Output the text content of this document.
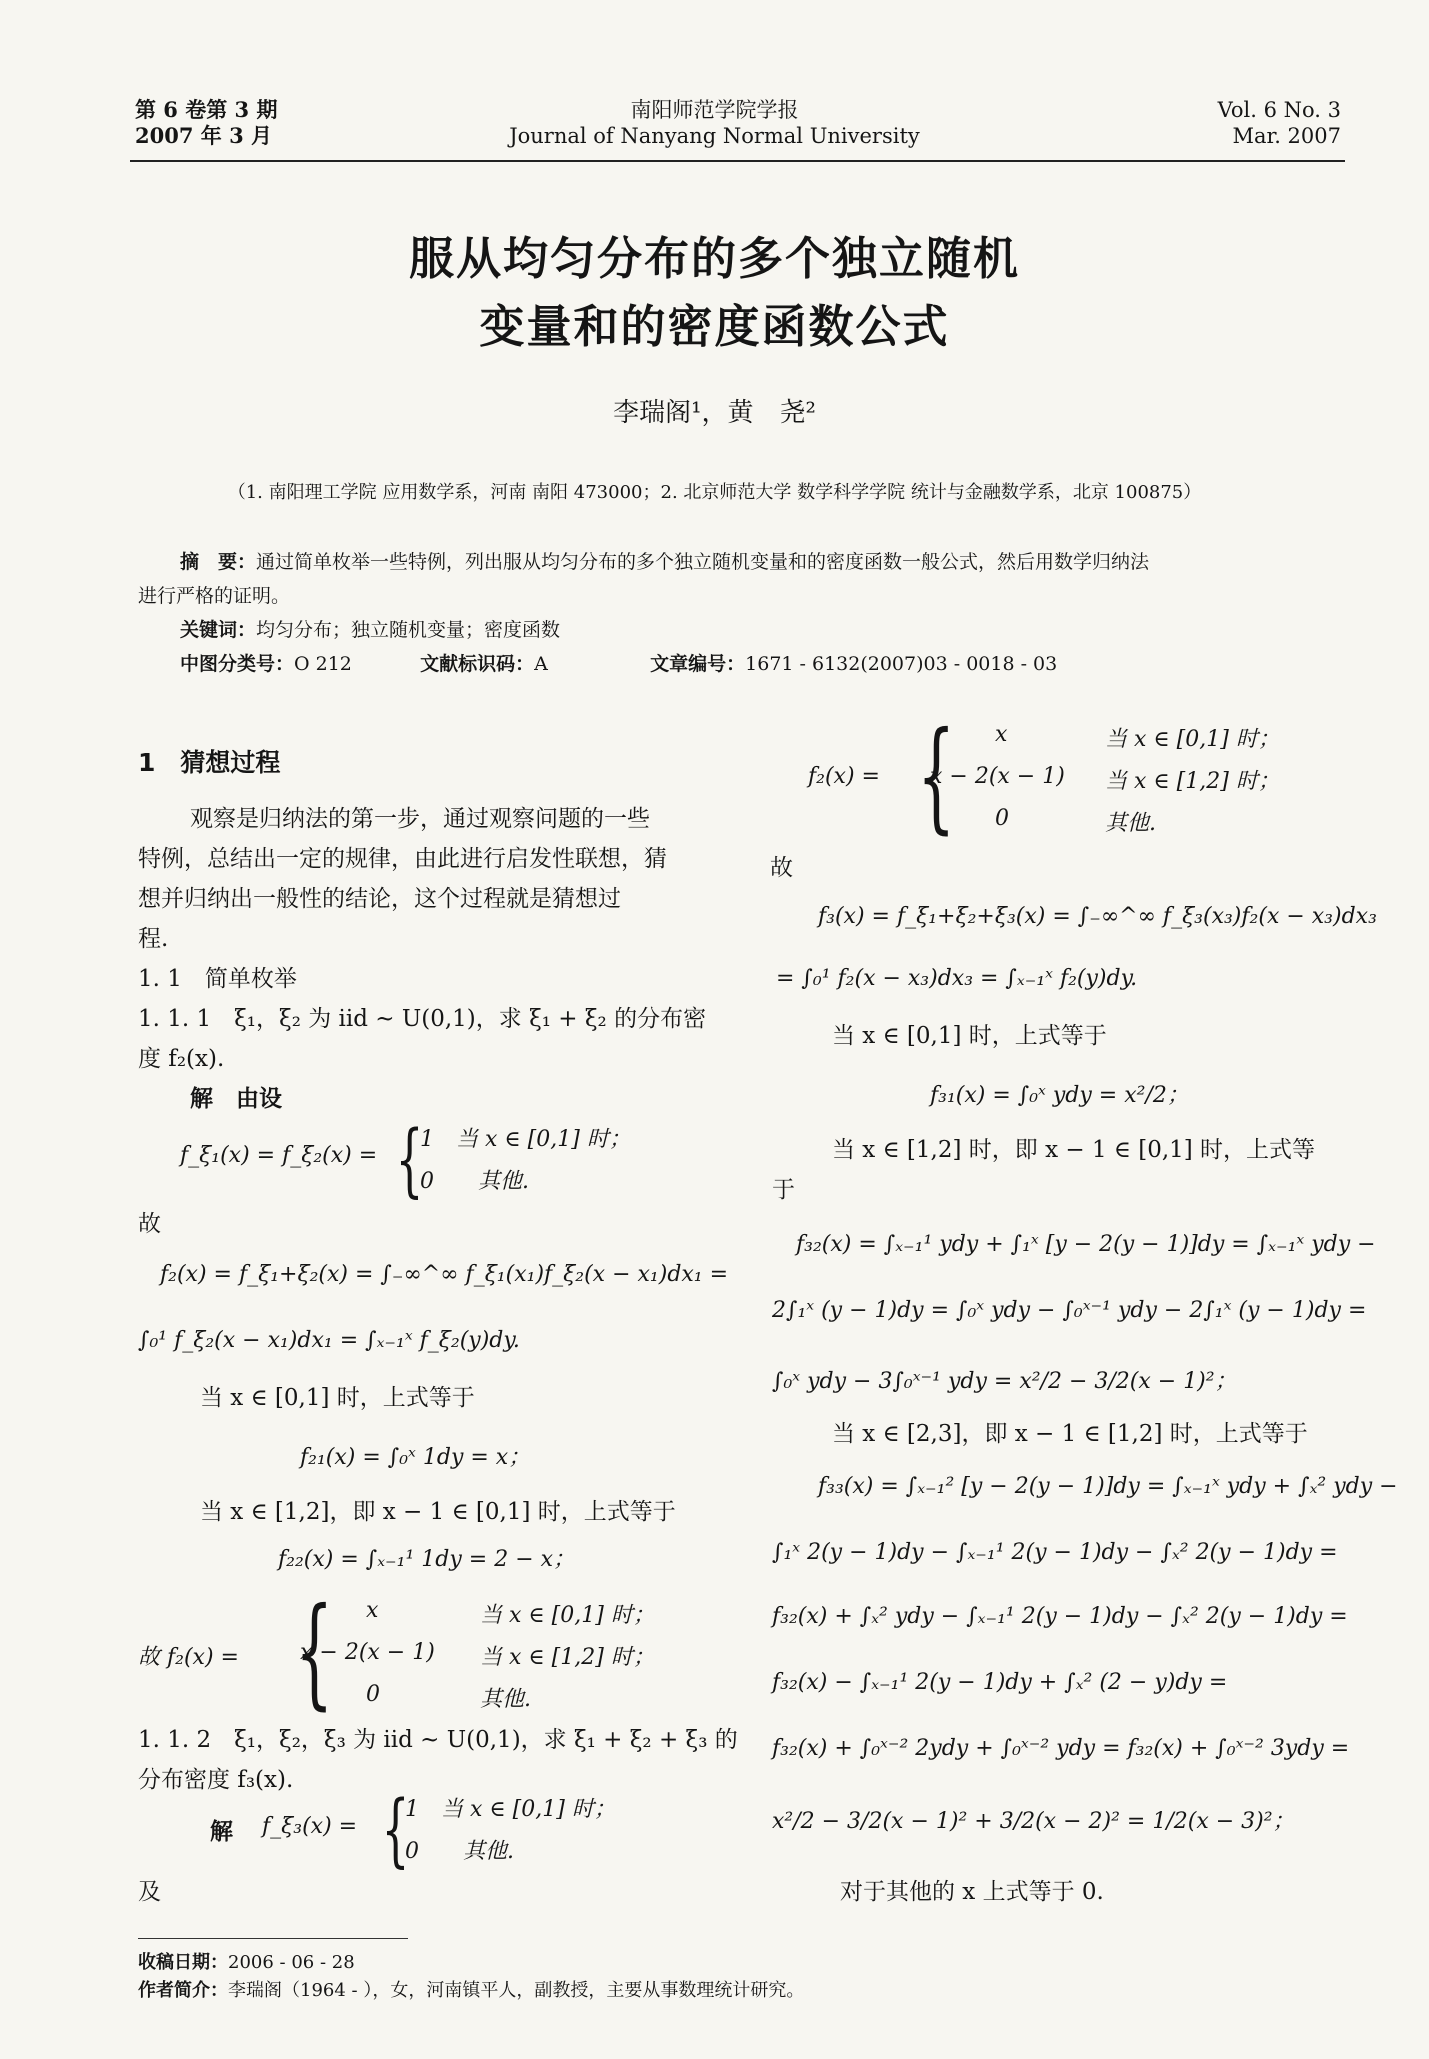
第 6 卷第 3 期
2007 年 3 月
南阳师范学院学报
Journal of Nanyang Normal University
Vol. 6 No. 3
Mar. 2007
服从均匀分布的多个独立随机
变量和的密度函数公式
李瑞阁¹，黄　尧²
（1. 南阳理工学院 应用数学系，河南 南阳 473000；2. 北京师范大学 数学科学学院 统计与金融数学系，北京 100875）
摘　要：通过简单枚举一些特例，列出服从均匀分布的多个独立随机变量和的密度函数一般公式，然后用数学归纳法
进行严格的证明。
关键词：均匀分布；独立随机变量；密度函数
中图分类号：O 212	文献标识码：A	文章编号：1671 - 6132(2007)03 - 0018 - 03
1　猜想过程
观察是归纳法的第一步，通过观察问题的一些
特例，总结出一定的规律，由此进行启发性联想，猜
想并归纳出一般性的结论，这个过程就是猜想过
程.
1. 1　简单枚举
1. 1. 1　ξ₁，ξ₂ 为 iid ~ U(0,1)，求 ξ₁ + ξ₂ 的分布密
度 f₂(x).
解　由设
f_ξ₁(x) = f_ξ₂(x) = {
1　当 x ∈ [0,1] 时；
0　　其他.
故
f₂(x) = f_ξ₁+ξ₂(x) = ∫₋∞^∞ f_ξ₁(x₁)f_ξ₂(x − x₁)dx₁ =
∫₀¹ f_ξ₂(x − x₁)dx₁ = ∫ₓ₋₁ˣ f_ξ₂(y)dy.
当 x ∈ [0,1] 时，上式等于
f₂₁(x) = ∫₀ˣ 1dy = x；
当 x ∈ [1,2]，即 x − 1 ∈ [0,1] 时，上式等于
f₂₂(x) = ∫ₓ₋₁¹ 1dy = 2 − x；
故 f₂(x) = { x	当 x ∈ [0,1] 时；
x − 2(x − 1) 当 x ∈ [1,2] 时；
0	其他.
1. 1. 2　ξ₁，ξ₂，ξ₃ 为 iid ~ U(0,1)，求 ξ₁ + ξ₂ + ξ₃ 的
分布密度 f₃(x).
解 f_ξ₃(x) = {
1　当 x ∈ [0,1] 时；
0　　其他.
及
f₂(x) = { x	当 x ∈ [0,1] 时；
x − 2(x − 1) 当 x ∈ [1,2] 时；
0	其他.
故
f₃(x) = f_ξ₁+ξ₂+ξ₃(x) = ∫₋∞^∞ f_ξ₃(x₃)f₂(x − x₃)dx₃
= ∫₀¹ f₂(x − x₃)dx₃ = ∫ₓ₋₁ˣ f₂(y)dy.
当 x ∈ [0,1] 时，上式等于
f₃₁(x) = ∫₀ˣ ydy = x²/2；
当 x ∈ [1,2] 时，即 x − 1 ∈ [0,1] 时，上式等
于
f₃₂(x) = ∫ₓ₋₁¹ ydy + ∫₁ˣ [y − 2(y − 1)]dy = ∫ₓ₋₁ˣ ydy −
2∫₁ˣ (y − 1)dy = ∫₀ˣ ydy − ∫₀ˣ⁻¹ ydy − 2∫₁ˣ (y − 1)dy =
∫₀ˣ ydy − 3∫₀ˣ⁻¹ ydy = x²/2 − 3/2(x − 1)²；
当 x ∈ [2,3]，即 x − 1 ∈ [1,2] 时，上式等于
f₃₃(x) = ∫ₓ₋₁² [y − 2(y − 1)]dy = ∫ₓ₋₁ˣ ydy + ∫ₓ² ydy −
∫₁ˣ 2(y − 1)dy − ∫ₓ₋₁¹ 2(y − 1)dy − ∫ₓ² 2(y − 1)dy =
f₃₂(x) + ∫ₓ² ydy − ∫ₓ₋₁¹ 2(y − 1)dy − ∫ₓ² 2(y − 1)dy =
f₃₂(x) − ∫ₓ₋₁¹ 2(y − 1)dy + ∫ₓ² (2 − y)dy =
f₃₂(x) + ∫₀ˣ⁻² 2ydy + ∫₀ˣ⁻² ydy = f₃₂(x) + ∫₀ˣ⁻² 3ydy =
x²/2 − 3/2(x − 1)² + 3/2(x − 2)² = 1/2(x − 3)²；
对于其他的 x 上式等于 0.
收稿日期：2006 - 06 - 28
作者简介：李瑞阁（1964 - ），女，河南镇平人，副教授，主要从事数理统计研究。
